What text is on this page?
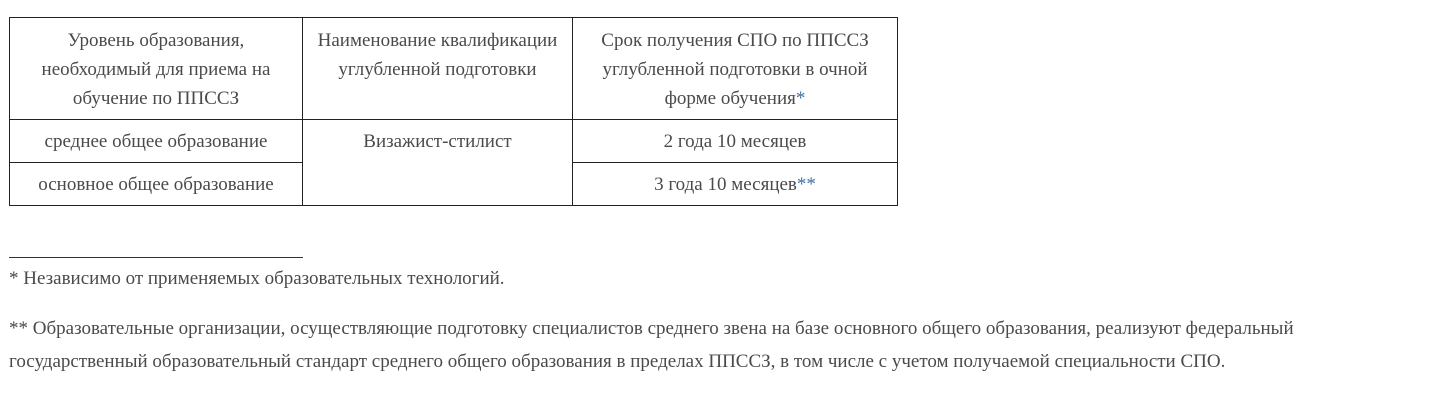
Уровень образования, необходимый для приема на обучение по ППССЗ	Наименование квалификации углубленной подготовки	Срок получения СПО по ППССЗ углубленной подготовки в очной форме обучения*
среднее общее образование	Визажист-стилист	2 года 10 месяцев
основное общее образование		3 года 10 месяцев**

* Независимо от применяемых образовательных технологий.

** Образовательные организации, осуществляющие подготовку специалистов среднего звена на базе основного общего образования, реализуют федеральный государственный образовательный стандарт среднего общего образования в пределах ППССЗ, в том числе с учетом получаемой специальности СПО.
